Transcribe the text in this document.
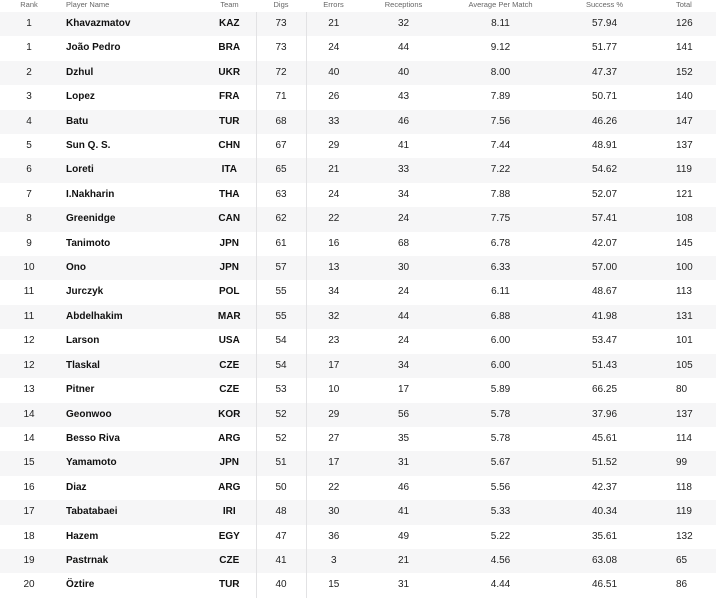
Rank	Player Name	Team	Digs	Errors	Receptions	Average Per Match	Success %	Total
1	Khavazmatov	KAZ	73	21	32	8.11	57.94	126
1	João Pedro	BRA	73	24	44	9.12	51.77	141
2	Dzhul	UKR	72	40	40	8.00	47.37	152
3	Lopez	FRA	71	26	43	7.89	50.71	140
4	Batu	TUR	68	33	46	7.56	46.26	147
5	Sun Q. S.	CHN	67	29	41	7.44	48.91	137
6	Loreti	ITA	65	21	33	7.22	54.62	119
7	I.Nakharin	THA	63	24	34	7.88	52.07	121
8	Greenidge	CAN	62	22	24	7.75	57.41	108
9	Tanimoto	JPN	61	16	68	6.78	42.07	145
10	Ono	JPN	57	13	30	6.33	57.00	100
11	Jurczyk	POL	55	34	24	6.11	48.67	113
11	Abdelhakim	MAR	55	32	44	6.88	41.98	131
12	Larson	USA	54	23	24	6.00	53.47	101
12	Tlaskal	CZE	54	17	34	6.00	51.43	105
13	Pitner	CZE	53	10	17	5.89	66.25	80
14	Geonwoo	KOR	52	29	56	5.78	37.96	137
14	Besso Riva	ARG	52	27	35	5.78	45.61	114
15	Yamamoto	JPN	51	17	31	5.67	51.52	99
16	Diaz	ARG	50	22	46	5.56	42.37	118
17	Tabatabaei	IRI	48	30	41	5.33	40.34	119
18	Hazem	EGY	47	36	49	5.22	35.61	132
19	Pastrnak	CZE	41	3	21	4.56	63.08	65
20	Öztire	TUR	40	15	31	4.44	46.51	86
